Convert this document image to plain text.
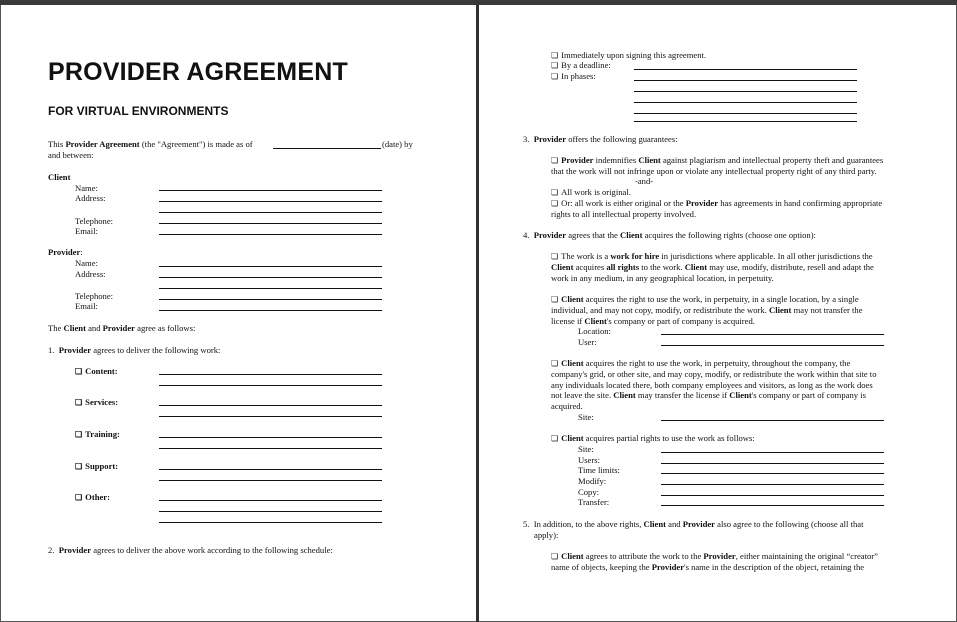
PROVIDER AGREEMENT
FOR VIRTUAL ENVIRONMENTS
This Provider Agreement (the "Agreement") is made as of	(date) by
and between:
Client
Name:
Address:
Telephone:
Email:
Provider:
Name:
Address:
Telephone:
Email:
The Client and Provider agree as follows:
1. Provider agrees to deliver the following work:
❏ Content:
❏ Services:
❏ Training:
❏ Support:
❏ Other:
2. Provider agrees to deliver the above work according to the following schedule:
❏ Immediately upon signing this agreement.
❏ By a deadline:
❏ In phases:
3. Provider offers the following guarantees:
❏ Provider indemnifies Client against plagiarism and intellectual property theft and guarantees
that the work will not infringe upon or violate any intellectual property right of any third party.
-and-
❏ All work is original.
❏ Or: all work is either original or the Provider has agreements in hand confirming appropriate
rights to all intellectual property involved.
4. Provider agrees that the Client acquires the following rights (choose one option):
❏ The work is a work for hire in jurisdictions where applicable. In all other jurisdictions the
Client acquires all rights to the work. Client may use, modify, distribute, resell and adapt the
work in any medium, in any geographical location, in perpetuity.
❏ Client acquires the right to use the work, in perpetuity, in a single location, by a single
individual, and may not copy, modify, or redistribute the work. Client may not transfer the
license if Client's company or part of company is acquired.
Location:
User:
❏ Client acquires the right to use the work, in perpetuity, throughout the company, the
company's grid, or other site, and may copy, modify, or redistribute the work within that site to
any individuals located there, both company employees and visitors, as long as the work does
not leave the site. Client may transfer the license if Client's company or part of company is
acquired.
Site:
❏ Client acquires partial rights to use the work as follows:
Site:
Users:
Time limits:
Modify:
Copy:
Transfer:
5. In addition, to the above rights, Client and Provider also agree to the following (choose all that
apply):
❏ Client agrees to attribute the work to the Provider, either maintaining the original “creator”
name of objects, keeping the Provider's name in the description of the object, retaining the
